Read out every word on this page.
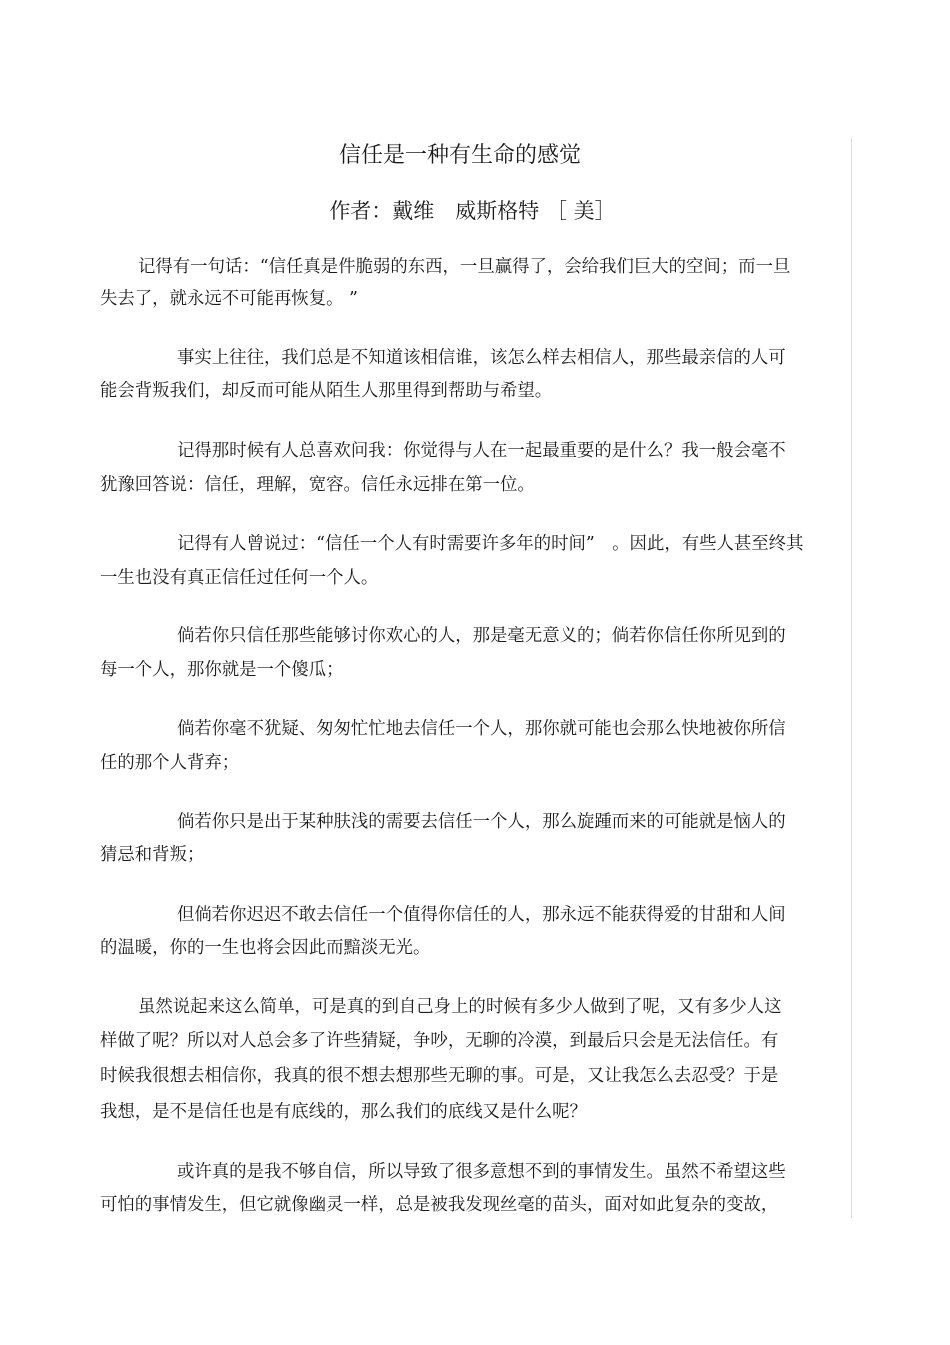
信任是一种有生命的感觉
作者：戴维　威斯格特 ［ 美］

记得有一句话：“信任真是件脆弱的东西，一旦赢得了，会给我们巨大的空间；而一旦

失去了，就永远不可能再恢复。 ”

事实上往往，我们总是不知道该相信谁，该怎么样去相信人，那些最亲信的人可

能会背叛我们，却反而可能从陌生人那里得到帮助与希望。

记得那时候有人总喜欢问我：你觉得与人在一起最重要的是什么？我一般会毫不

犹豫回答说：信任，理解，宽容。信任永远排在第一位。

记得有人曾说过：“信任一个人有时需要许多年的时间”　。因此，有些人甚至终其

一生也没有真正信任过任何一个人。

倘若你只信任那些能够讨你欢心的人，那是毫无意义的；倘若你信任你所见到的

每一个人，那你就是一个傻瓜；

倘若你毫不犹疑、匆匆忙忙地去信任一个人，那你就可能也会那么快地被你所信

任的那个人背弃；

倘若你只是出于某种肤浅的需要去信任一个人，那么旋踵而来的可能就是恼人的

猜忌和背叛；

但倘若你迟迟不敢去信任一个值得你信任的人，那永远不能获得爱的甘甜和人间

的温暖，你的一生也将会因此而黯淡无光。

虽然说起来这么简单，可是真的到自己身上的时候有多少人做到了呢，又有多少人这

样做了呢？所以对人总会多了许些猜疑，争吵，无聊的冷漠，到最后只会是无法信任。有

时候我很想去相信你，我真的很不想去想那些无聊的事。可是，又让我怎么去忍受？于是

我想，是不是信任也是有底线的，那么我们的底线又是什么呢？

或许真的是我不够自信，所以导致了很多意想不到的事情发生。虽然不希望这些

可怕的事情发生，但它就像幽灵一样，总是被我发现丝毫的苗头，面对如此复杂的变故，
